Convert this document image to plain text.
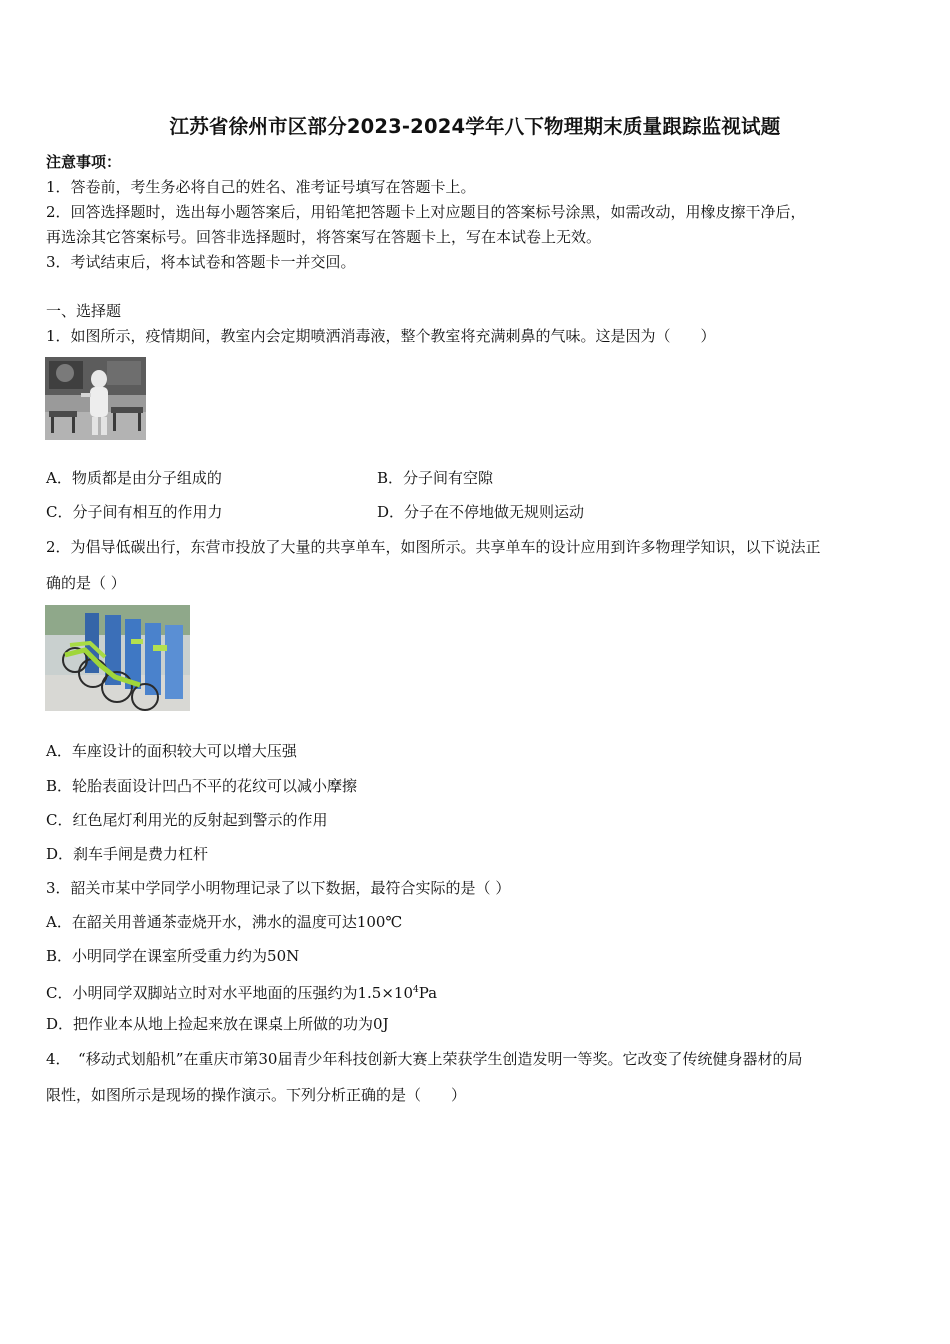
江苏省徐州市区部分2023-2024学年八下物理期末质量跟踪监视试题
注意事项：
1．答卷前，考生务必将自己的姓名、准考证号填写在答题卡上。
2．回答选择题时，选出每小题答案后，用铅笔把答题卡上对应题目的答案标号涂黑，如需改动，用橡皮擦干净后，
再选涂其它答案标号。回答非选择题时，将答案写在答题卡上，写在本试卷上无效。
3．考试结束后，将本试卷和答题卡一并交回。
一、选择题
1．如图所示，疫情期间，教室内会定期喷洒消毒液，整个教室将充满刺鼻的气味。这是因为（　　）
A．物质都是由分子组成的	B．分子间有空隙
C．分子间有相互的作用力	D．分子在不停地做无规则运动
2．为倡导低碳出行，东营市投放了大量的共享单车，如图所示。共享单车的设计应用到许多物理学知识，以下说法正
确的是（ ）
A．车座设计的面积较大可以增大压强
B．轮胎表面设计凹凸不平的花纹可以减小摩擦
C．红色尾灯利用光的反射起到警示的作用
D．刹车手闸是费力杠杆
3．韶关市某中学同学小明物理记录了以下数据，最符合实际的是（ ）
A．在韶关用普通茶壶烧开水，沸水的温度可达100℃
B．小明同学在课室所受重力约为50N
C．小明同学双脚站立时对水平地面的压强约为$1.5\times 10^4Pa$
D．把作业本从地上捡起来放在课桌上所做的功为0J
4．　“移动式划船机”在重庆市第30届青少年科技创新大赛上荣获学生创造发明一等奖。它改变了传统健身器材的局
限性，如图所示是现场的操作演示。下列分析正确的是（　　）
